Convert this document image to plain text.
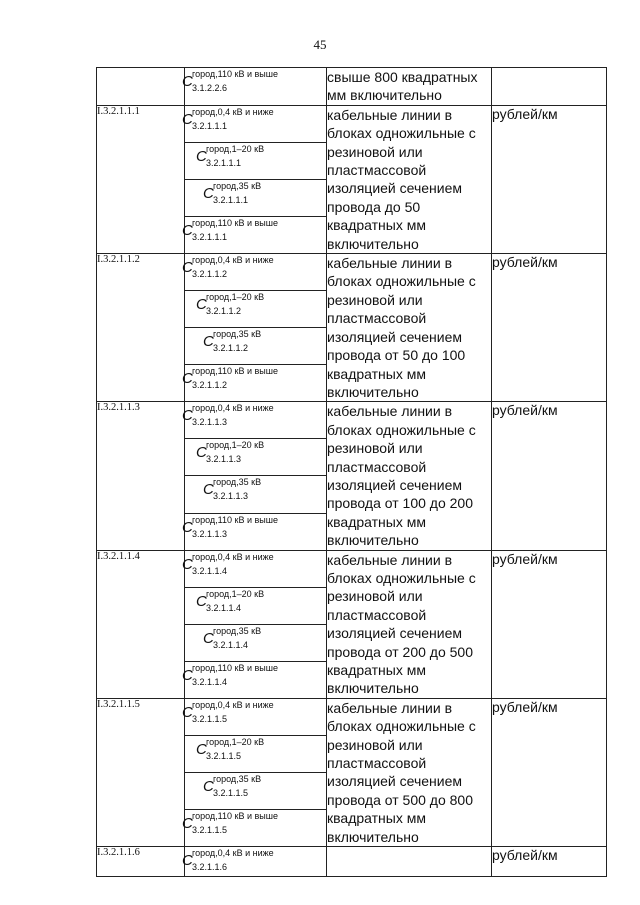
45

	C город,110 кВ и выше
3.1.2.2.6	свыше 800 квадратных мм включительно	
I.3.2.1.1.1	C город,0,4 кВ и ниже
3.2.1.1.1	кабельные линии в блоках одножильные с резиновой или пластмассовой изоляцией сечением провода до 50 квадратных мм включительно	рублей/км

	C город,1–20 кВ
3.2.1.1.1		

	C город,35 кВ
3.2.1.1.1		

	C город,110 кВ и выше
3.2.1.1.1		

I.3.2.1.1.2	C город,0,4 кВ и ниже
3.2.1.1.2	кабельные линии в блоках одножильные с резиновой или пластмассовой изоляцией сечением провода от 50 до 100 квадратных мм включительно	рублей/км

	C город,1–20 кВ
3.2.1.1.2		

	C город,35 кВ
3.2.1.1.2		

	C город,110 кВ и выше
3.2.1.1.2		

I.3.2.1.1.3	C город,0,4 кВ и ниже
3.2.1.1.3	кабельные линии в блоках одножильные с резиновой или пластмассовой изоляцией сечением провода от 100 до 200 квадратных мм включительно	рублей/км

	C город,1–20 кВ
3.2.1.1.3		

	C город,35 кВ
3.2.1.1.3		

	C город,110 кВ и выше
3.2.1.1.3		

I.3.2.1.1.4	C город,0,4 кВ и ниже
3.2.1.1.4	кабельные линии в блоках одножильные с резиновой или пластмассовой изоляцией сечением провода от 200 до 500 квадратных мм включительно	рублей/км

	C город,1–20 кВ
3.2.1.1.4		

	C город,35 кВ
3.2.1.1.4		

	C город,110 кВ и выше
3.2.1.1.4		

I.3.2.1.1.5	C город,0,4 кВ и ниже
3.2.1.1.5	кабельные линии в блоках одножильные с резиновой или пластмассовой изоляцией сечением провода от 500 до 800 квадратных мм включительно	рублей/км

	C город,1–20 кВ
3.2.1.1.5		

	C город,35 кВ
3.2.1.1.5		

	C город,110 кВ и выше
3.2.1.1.5		

I.3.2.1.1.6	C город,0,4 кВ и ниже
3.2.1.1.6		рублей/км
